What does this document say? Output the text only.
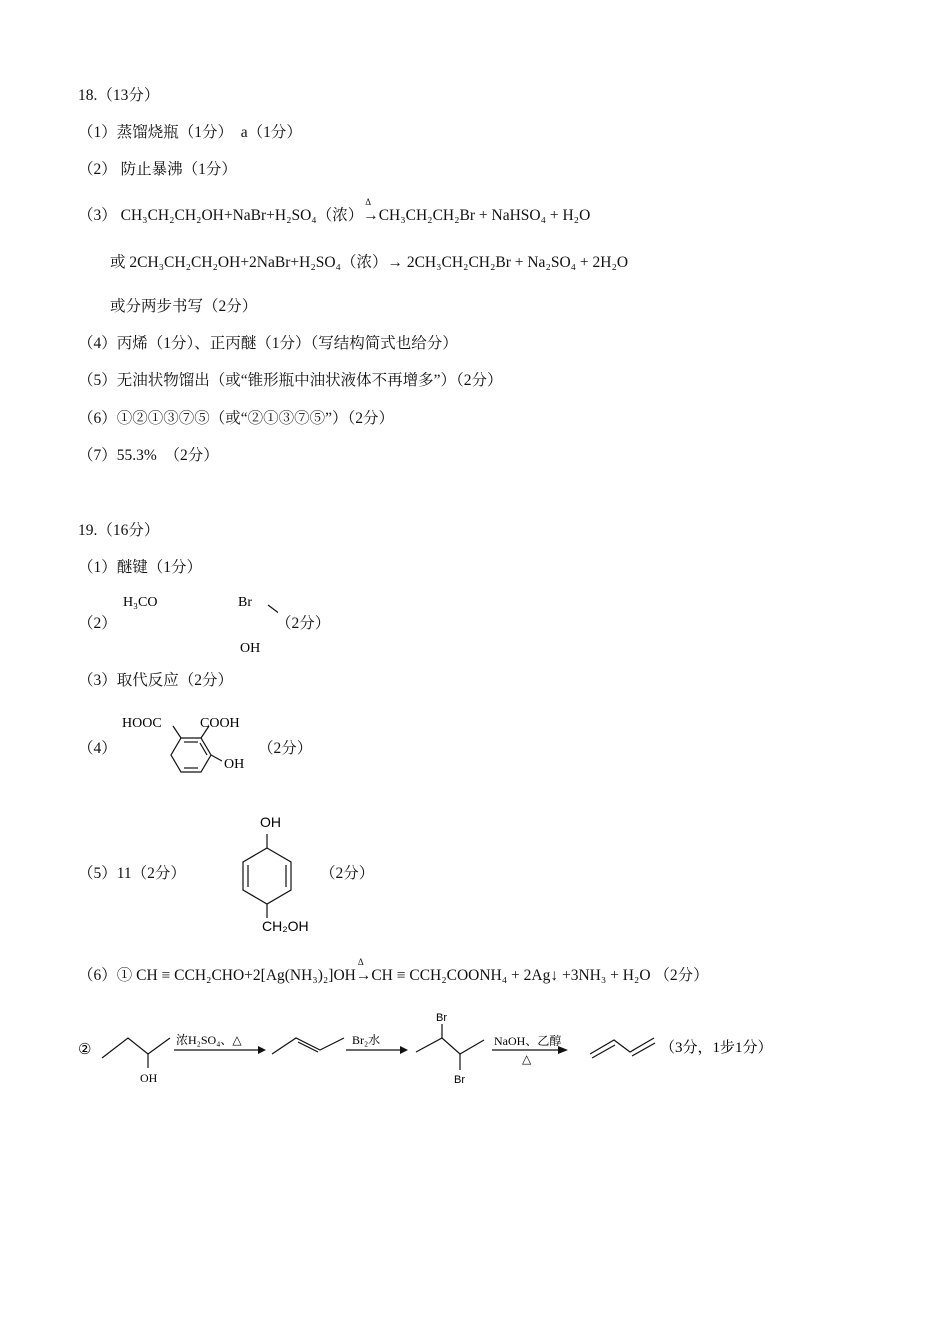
18.（13分）
（1）蒸馏烧瓶（1分）　a（1分）
（2） 防止暴沸（1分）
（3） CH₃CH₂CH₂OH+NaBr+H₂SO₄（浓）
Δ
→CH₃CH₂CH₂Br + NaHSO₄ + H₂O
或 2CH₃CH₂CH₂OH+2NaBr+H₂SO₄（浓）→ 2CH₃CH₂CH₂Br + Na₂SO₄ + 2H₂O
或分两步书写（2分）
（4）丙烯（1分）、正丙醚（1分）（写结构简式也给分）
（5）无油状物馏出（或“锥形瓶中油状液体不再增多”）（2分）
（6）①②①③⑦⑤（或“②①③⑦⑤”）（2分）
（7）55.3%　（2分）
19.（16分）
（1）醚键（1分）
（2）
H₃CO	Br
OH
（2分）
（3）取代反应（2分）
（4）
HOOC	COOH
OH
（2分）
（5）11（2分）
OH
CH₂OH
（2分）
（6）① CH ≡ CCH₂CHO+2[Ag(NH₃)₂]OH
Δ
→CH ≡ CCH₂COONH₄ + 2Ag↓ +3NH₃ + H₂O （2分）
②
OH
浓H₂SO₄、△	Br₂水
Br
Br
NaOH、乙醇
△
（3分，1步1分）
